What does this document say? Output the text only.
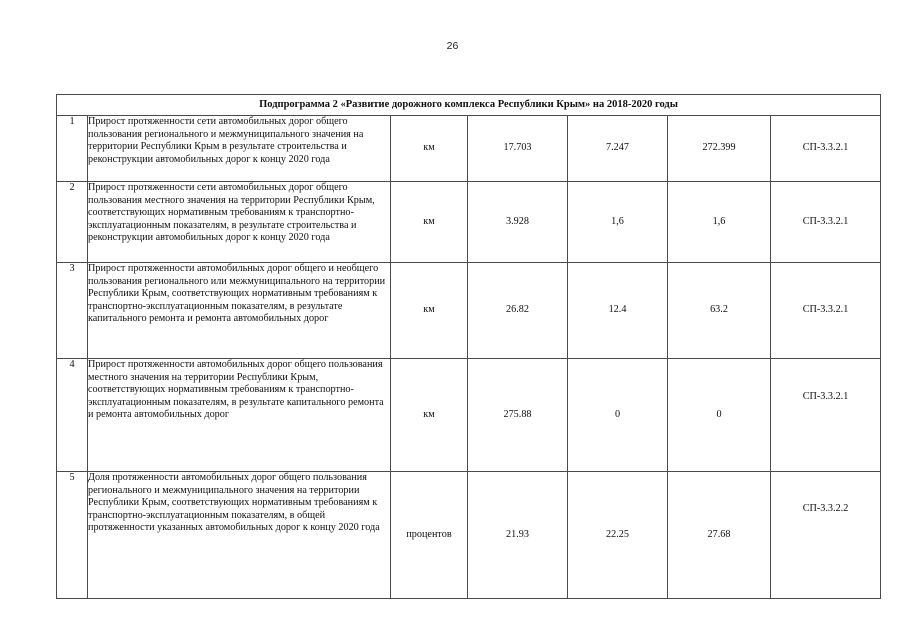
26
Подпрограмма 2 «Развитие дорожного комплекса Республики Крым» на 2018-2020 годы						
1	Прирост протяженности сети автомобильных дорог общего пользования регионального и межмуниципального значения на территории Республики Крым в результате строительства и реконструкции автомобильных дорог к концу 2020 года	км	17.703	7.247	272.399	СП-3.3.2.1
2	Прирост протяженности сети автомобильных дорог общего пользования местного значения на территории Республики Крым, соответствующих нормативным требованиям к транспортно-эксплуатационным показателям, в результате строительства и реконструкции автомобильных дорог к концу 2020 года	км	3.928	1,6	1,6	СП-3.3.2.1
3	Прирост протяженности автомобильных дорог общего и необщего пользования регионального или межмуниципального на территории Республики Крым, соответствующих нормативным требованиям к транспортно-эксплуатационным показателям, в результате капитального ремонта и ремонта автомобильных дорог	км	26.82	12.4	63.2	СП-3.3.2.1
4	Прирост протяженности автомобильных дорог общего пользования местного значения на территории Республики Крым, соответствующих нормативным требованиям к транспортно-эксплуатационным показателям, в результате капитального ремонта и ремонта автомобильных дорог	км	275.88	0	0	СП-3.3.2.1
5	Доля протяженности автомобильных дорог общего пользования регионального и межмуниципального значения на территории Республики Крым, соответствующих нормативным требованиям к транспортно-эксплуатационным показателям, в общей протяженности указанных автомобильных дорог к концу 2020 года	процентов	21.93	22.25	27.68	СП-3.3.2.2
